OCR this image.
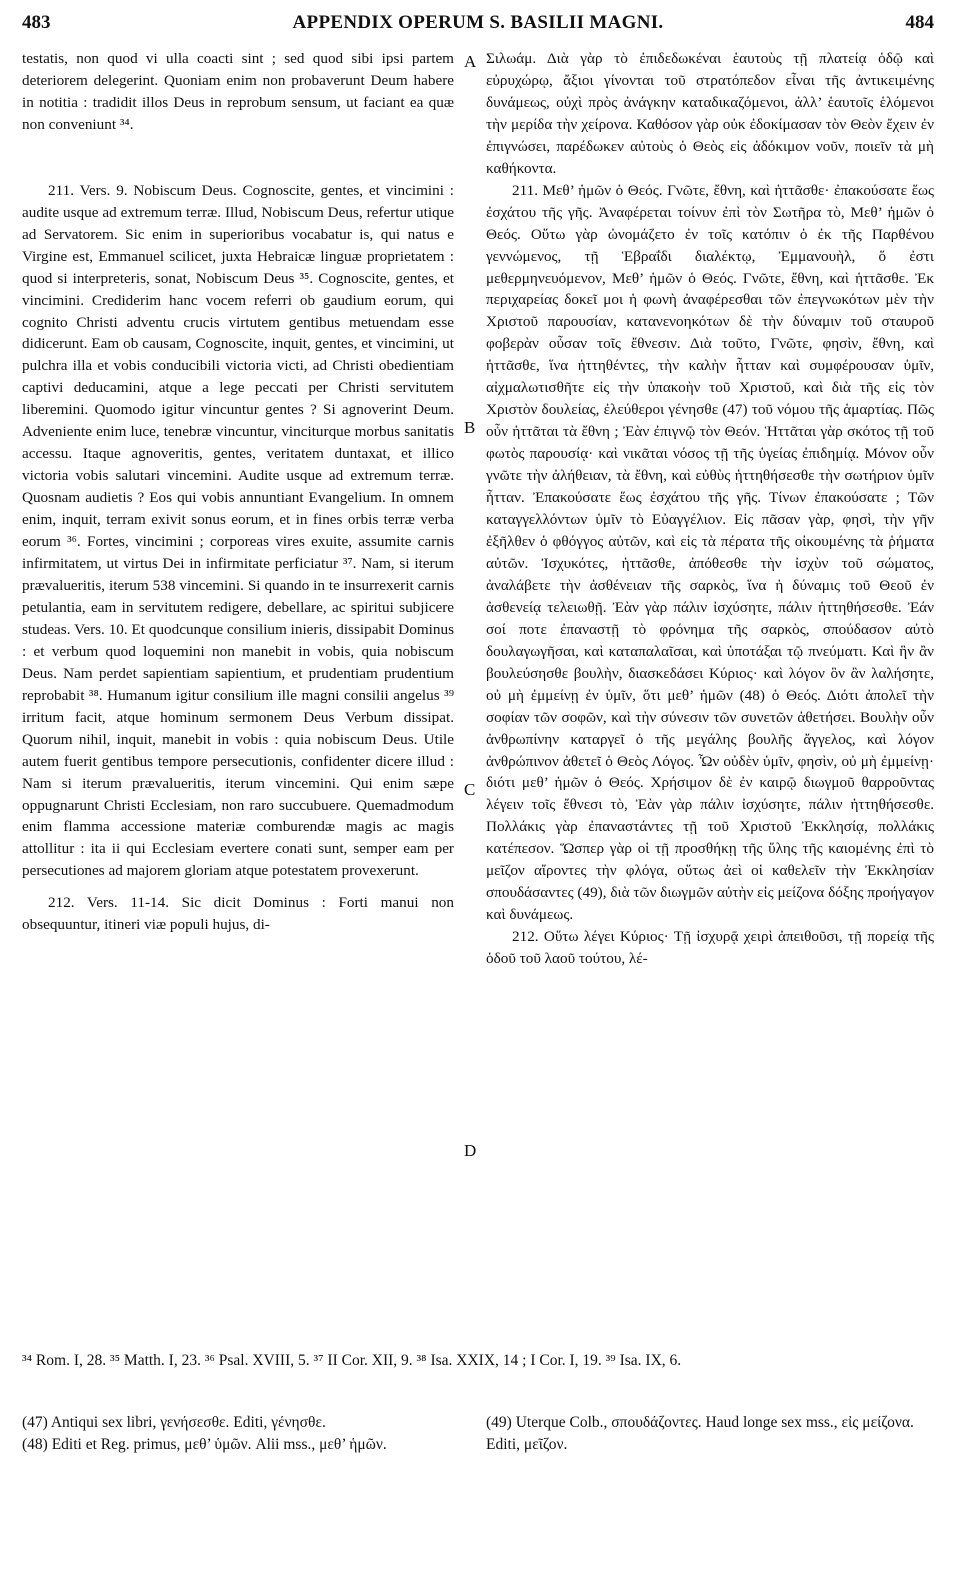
483	APPENDIX OPERUM S. BASILII MAGNI.	484

testatis, non quod vi ulla coacti sint ; sed quod sibi ipsi partem deteriorem delegerint. Quoniam enim non probaverunt Deum habere in notitia : tradidit illos Deus in reprobum sensum, ut faciant ea quæ non conveniunt ³⁴.

211. Vers. 9. Nobiscum Deus. Cognoscite, gentes, et vincimini : audite usque ad extremum terræ. Illud, Nobiscum Deus, refertur utique ad Servatorem. Sic enim in superioribus vocabatur is, qui natus e Virgine est, Emmanuel scilicet, juxta Hebraicæ linguæ proprietatem : quod si interpreteris, sonat, Nobiscum Deus ³⁵. Cognoscite, gentes, et vincimini. Crediderim hanc vocem referri ob gaudium eorum, qui cognito Christi adventu crucis virtutem gentibus metuendam esse didicerunt. Eam ob causam, Cognoscite, inquit, gentes, et vincimini, ut pulchra illa et vobis conducibili victoria victi, ad Christi obedientiam captivi deducamini, atque a lege peccati per Christi servitutem liberemini. Quomodo igitur vincuntur gentes ? Si agnoverint Deum. Adveniente enim luce, tenebræ vincuntur, vinciturque morbus sanitatis accessu. Itaque agnoveritis, gentes, veritatem duntaxat, et illico victoria vobis salutari vincemini. Audite usque ad extremum terræ. Quosnam audietis ? Eos qui vobis annuntiant Evangelium. In omnem enim, inquit, terram exivit sonus eorum, et in fines orbis terræ verba eorum ³⁶. Fortes, vincimini ; corporeas vires exuite, assumite carnis infirmitatem, ut virtus Dei in infirmitate perficiatur ³⁷. Nam, si iterum prævalueritis, iterum 538 vincemini. Si quando in te insurrexerit carnis petulantia, eam in servitutem redigere, debellare, ac spiritui subjicere studeas. Vers. 10. Et quodcunque consilium inieris, dissipabit Dominus : et verbum quod loquemini non manebit in vobis, quia nobiscum Deus. Nam perdet sapientiam sapientium, et prudentiam prudentium reprobabit ³⁸. Humanum igitur consilium ille magni consilii angelus ³⁹ irritum facit, atque hominum sermonem Deus Verbum dissipat. Quorum nihil, inquit, manebit in vobis : quia nobiscum Deus. Utile autem fuerit gentibus tempore persecutionis, confidenter dicere illud : Nam si iterum prævalueritis, iterum vincemini. Qui enim sæpe oppugnarunt Christi Ecclesiam, non raro succubuere. Quemadmodum enim flamma accessione materiæ comburendæ magis ac magis attollitur : ita ii qui Ecclesiam evertere conati sunt, semper eam per persecutiones ad majorem gloriam atque potestatem provexerunt.

212. Vers. 11-14. Sic dicit Dominus : Forti manui non obsequuntur, itineri viæ populi hujus, di-

A
B
C
D

Σιλωάμ. Διὰ γὰρ τὸ ἐπιδεδωκέναι ἑαυτοὺς τῇ πλατείᾳ ὁδῷ καὶ εὐρυχώρῳ, ἄξιοι γίνονται τοῦ στρατόπεδον εἶναι τῆς ἀντικειμένης δυνάμεως, οὐχὶ πρὸς ἀνάγκην καταδικαζόμενοι, ἀλλ’ ἑαυτοῖς ἑλόμενοι τὴν μερίδα τὴν χείρονα. Καθόσον γὰρ οὐκ ἐδοκίμασαν τὸν Θεὸν ἔχειν ἐν ἐπιγνώσει, παρέδωκεν αὐτοὺς ὁ Θεὸς εἰς ἀδόκιμον νοῦν, ποιεῖν τὰ μὴ καθήκοντα.

211. Μεθ’ ἡμῶν ὁ Θεός. Γνῶτε, ἔθνη, καὶ ἡττᾶσθε· ἐπακούσατε ἕως ἐσχάτου τῆς γῆς. Ἀναφέρεται τοίνυν ἐπὶ τὸν Σωτῆρα τὸ, Μεθ’ ἡμῶν ὁ Θεός. Οὕτω γὰρ ὠνομάζετο ἐν τοῖς κατόπιν ὁ ἐκ τῆς Παρθένου γεννώμενος, τῇ Ἑβραΐδι διαλέκτῳ, Ἐμμανουὴλ, ὅ ἐστι μεθερμηνευόμενον, Μεθ’ ἡμῶν ὁ Θεός. Γνῶτε, ἔθνη, καὶ ἡττᾶσθε. Ἐκ περιχαρείας δοκεῖ μοι ἡ φωνὴ ἀναφέρεσθαι τῶν ἐπεγνωκότων μὲν τὴν Χριστοῦ παρουσίαν, κατανενοηκότων δὲ τὴν δύναμιν τοῦ σταυροῦ φοβερὰν οὖσαν τοῖς ἔθνεσιν. Διὰ τοῦτο, Γνῶτε, φησὶν, ἔθνη, καὶ ἡττᾶσθε, ἵνα ἡττηθέντες, τὴν καλὴν ἧτταν καὶ συμφέρουσαν ὑμῖν, αἰχμαλωτισθῆτε εἰς τὴν ὑπακοὴν τοῦ Χριστοῦ, καὶ διὰ τῆς εἰς τὸν Χριστὸν δουλείας, ἐλεύθεροι γένησθε (47) τοῦ νόμου τῆς ἁμαρτίας. Πῶς οὖν ἡττᾶται τὰ ἔθνη ; Ἐὰν ἐπιγνῷ τὸν Θεόν. Ἡττᾶται γὰρ σκότος τῇ τοῦ φωτὸς παρουσίᾳ· καὶ νικᾶται νόσος τῇ τῆς ὑγείας ἐπιδημίᾳ. Μόνον οὖν γνῶτε τὴν ἀλήθειαν, τὰ ἔθνη, καὶ εὐθὺς ἡττηθήσεσθε τὴν σωτήριον ὑμῖν ἧτταν. Ἐπακούσατε ἕως ἐσχάτου τῆς γῆς. Τίνων ἐπακούσατε ; Τῶν καταγγελλόντων ὑμῖν τὸ Εὐαγγέλιον. Εἰς πᾶσαν γὰρ, φησὶ, τὴν γῆν ἐξῆλθεν ὁ φθόγγος αὐτῶν, καὶ εἰς τὰ πέρατα τῆς οἰκουμένης τὰ ῥήματα αὐτῶν. Ἰσχυκότες, ἡττᾶσθε, ἀπόθεσθε τὴν ἰσχὺν τοῦ σώματος, ἀναλάβετε τὴν ἀσθένειαν τῆς σαρκὸς, ἵνα ἡ δύναμις τοῦ Θεοῦ ἐν ἀσθενείᾳ τελειωθῇ. Ἐὰν γὰρ πάλιν ἰσχύσητε, πάλιν ἡττηθήσεσθε. Ἐάν σοί ποτε ἐπαναστῇ τὸ φρόνημα τῆς σαρκὸς, σπούδασον αὐτὸ δουλαγωγῆσαι, καὶ καταπαλαῖσαι, καὶ ὑποτάξαι τῷ πνεύματι. Καὶ ἣν ἂν βουλεύσησθε βουλὴν, διασκεδάσει Κύριος· καὶ λόγον ὃν ἂν λαλήσητε, οὐ μὴ ἐμμείνῃ ἐν ὑμῖν, ὅτι μεθ’ ἡμῶν (48) ὁ Θεός. Διότι ἀπολεῖ τὴν σοφίαν τῶν σοφῶν, καὶ τὴν σύνεσιν τῶν συνετῶν ἀθετήσει. Βουλὴν οὖν ἀνθρωπίνην καταργεῖ ὁ τῆς μεγάλης βουλῆς ἄγγελος, καὶ λόγον ἀνθρώπινον ἀθετεῖ ὁ Θεὸς Λόγος. Ὧν οὐδὲν ὑμῖν, φησὶν, οὐ μὴ ἐμμείνῃ· διότι μεθ’ ἡμῶν ὁ Θεός. Χρήσιμον δὲ ἐν καιρῷ διωγμοῦ θαρροῦντας λέγειν τοῖς ἔθνεσι τὸ, Ἐὰν γὰρ πάλιν ἰσχύσητε, πάλιν ἡττηθήσεσθε. Πολλάκις γὰρ ἐπαναστάντες τῇ τοῦ Χριστοῦ Ἐκκλησίᾳ, πολλάκις κατέπεσον. Ὥσπερ γὰρ οἱ τῇ προσθήκῃ τῆς ὕλης τῆς καιομένης ἐπὶ τὸ μεῖζον αἴροντες τὴν φλόγα, οὕτως ἀεὶ οἱ καθελεῖν τὴν Ἐκκλησίαν σπουδάσαντες (49), διὰ τῶν διωγμῶν αὐτὴν εἰς μείζονα δόξης προήγαγον καὶ δυνάμεως.

212. Οὕτω λέγει Κύριος· Τῇ ἰσχυρᾷ χειρὶ ἀπειθοῦσι, τῇ πορείᾳ τῆς ὁδοῦ τοῦ λαοῦ τούτου, λέ-

³⁴ Rom. I, 28. ³⁵ Matth. I, 23. ³⁶ Psal. XVIII, 5. ³⁷ II Cor. XII, 9. ³⁸ Isa. XXIX, 14 ; I Cor. I, 19. ³⁹ Isa. IX, 6.

(47) Antiqui sex libri, γενήσεσθε. Editi, γένησθε.

(48) Editi et Reg. primus, μεθ’ ὑμῶν. Alii mss., μεθ’ ἡμῶν.

(49) Uterque Colb., σπουδάζοντες. Haud longe sex mss., εἰς μείζονα. Editi, μεῖζον.
